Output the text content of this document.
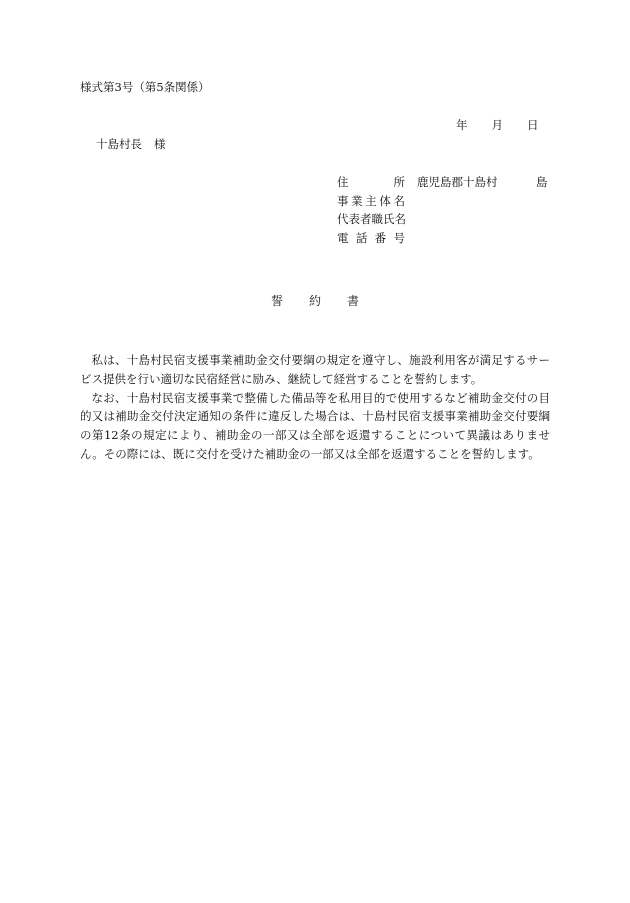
様式第3号（第5条関係）
年 月 日
十島村長 様
住	所 鹿児島郡十島村	島
事 業 主 体 名
代表者職氏名
電 話 番 号
誓 約 書

私は、十島村民宿支援事業補助金交付要綱の規定を遵守し、施設利用客が満足するサービス提供を行い適切な民宿経営に励み、継続して経営することを誓約します。

なお、十島村民宿支援事業で整備した備品等を私用目的で使用するなど補助金交付の目的又は補助金交付決定通知の条件に違反した場合は、十島村民宿支援事業補助金交付要綱の第12条の規定により、補助金の一部又は全部を返還することについて異議はありません。その際には、既に交付を受けた補助金の一部又は全部を返還することを誓約します。
